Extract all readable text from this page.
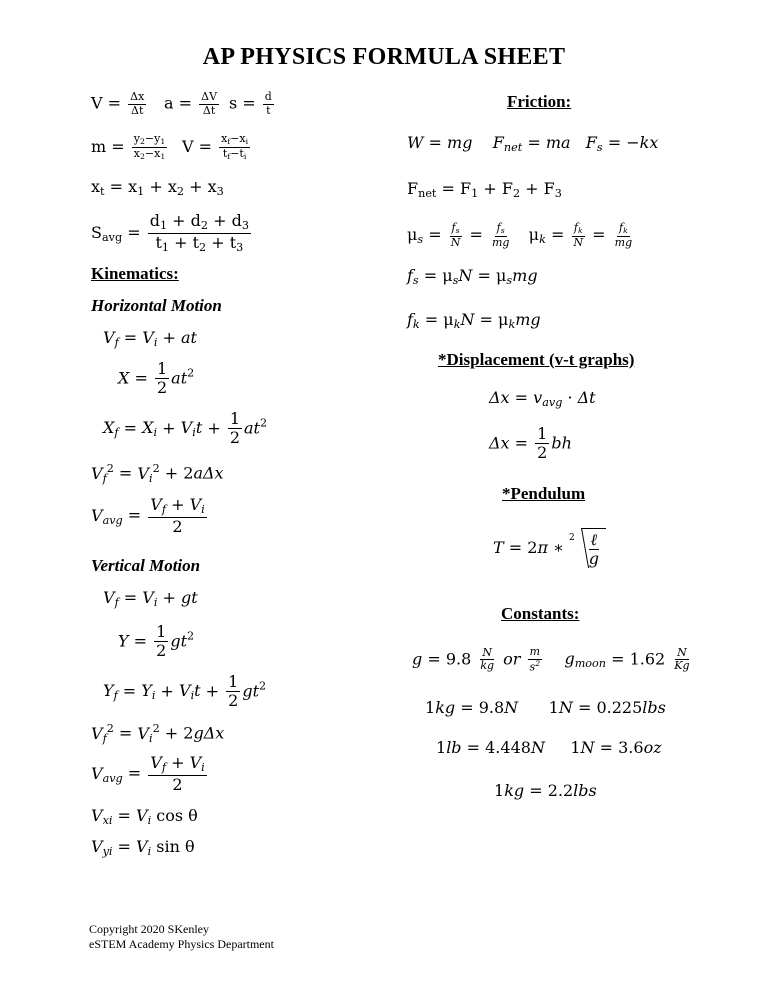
AP PHYSICS FORMULA SHEET
$V = \frac{\Delta x}{\Delta t}$ $a = \frac{\Delta V}{\Delta t}$ $s = \frac{d}{t}$
$m = \frac{y_2-y_1}{x_2-x_1}$ $V = \frac{x_f-x_i}{t_f-t_i}$
$x_t = x_1 + x_2 + x_3$
$S_{avg} = \frac{d_1 + d_2 + d_3}{t_1 + t_2 + t_3}$
Kinematics:
Horizontal Motion
$V_f = V_i$ + at
$X = \frac{1}{2} at^2$
$X_f = X_i + V_it + \frac{1}{2} at^2$
$V_f^2 = V_i^2 + 2a\Delta x$
$V_{avg} = \frac{V_f + V_i}{2}$
Vertical Motion
$V_f = V_i$ + gt
$Y = \frac{1}{2} gt^2$
$Y_f = Y_i + V_it + \frac{1}{2} gt^2$
$V_f^2 = V_i^2 + 2g\Delta x$
$V_{avg} = \frac{V_f + V_i}{2}$
$V_{xi} = V_i$ cos θ
$V_{yi} = V_i$ sin θ
Friction:
W = mg $F_{net}$ = ma $F_s = -kx$
$F_{net} = F_1 + F_2 + F_3$
$\mu_s = \frac{f_s}{N} = \frac{f_s}{mg} \mu_k = \frac{f_k}{N} = \frac{f_k}{mg}$
$f_s = \mu_sN = \mu_smg$
$f_k = \mu_kN = \mu_kmg$
*Displacement (v-t graphs)
$\Delta x = v_{avg} \cdot \Delta t$
$\Delta x = \frac{1}{2}$ bh
*Pendulum
T = 2π ∗ $2 \frac{\text{ℓ}}{g}$
Constants:
$g = 9.8 \frac{N}{kg}$ or $\frac{m}{s^2} g_{moon} = 1.62 \frac{N}{Kg}$
1kg = 9.8N      1N = 0.225lbs
1lb = 4.448N     1N = 3.6oz
1kg = 2.2lbs
Copyright 2020 SKenley
eSTEM Academy Physics Department
